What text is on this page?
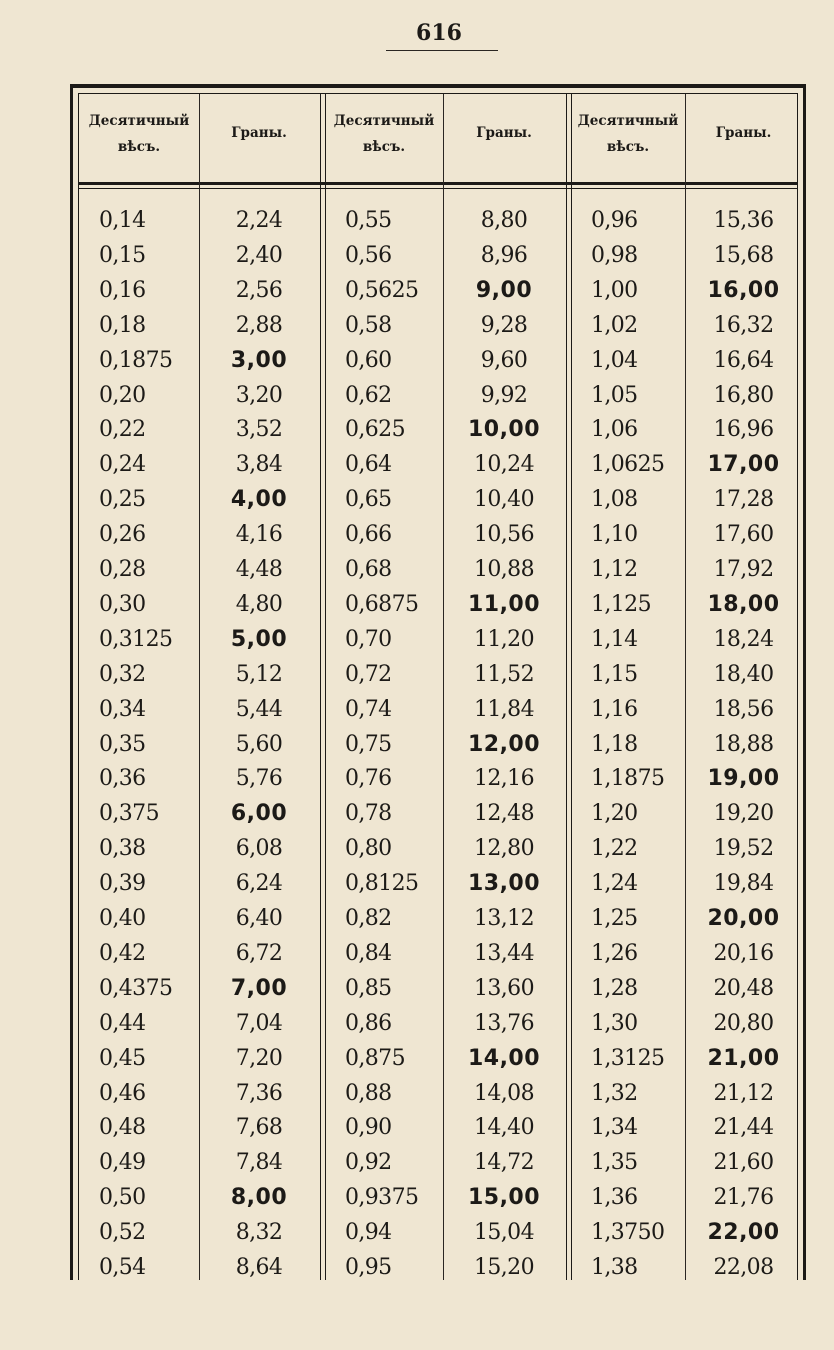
616
Десятичный
вѣсъ.
Граны.
0,14	2,24
0,15	2,40
0,16	2,56
0,18	2,88
0,1875	3,00
0,20	3,20
0,22	3,52
0,24	3,84
0,25	4,00
0,26	4,16
0,28	4,48
0,30	4,80
0,3125	5,00
0,32	5,12
0,34	5,44
0,35	5,60
0,36	5,76
0,375	6,00
0,38	6,08
0,39	6,24
0,40	6,40
0,42	6,72
0,4375	7,00
0,44	7,04
0,45	7,20
0,46	7,36
0,48	7,68
0,49	7,84
0,50	8,00
0,52	8,32
0,54	8,64
Десятичный
вѣсъ.
Граны.
0,55	8,80
0,56	8,96
0,5625	9,00
0,58	9,28
0,60	9,60
0,62	9,92
0,625	10,00
0,64	10,24
0,65	10,40
0,66	10,56
0,68	10,88
0,6875	11,00
0,70	11,20
0,72	11,52
0,74	11,84
0,75	12,00
0,76	12,16
0,78	12,48
0,80	12,80
0,8125	13,00
0,82	13,12
0,84	13,44
0,85	13,60
0,86	13,76
0,875	14,00
0,88	14,08
0,90	14,40
0,92	14,72
0,9375	15,00
0,94	15,04
0,95	15,20
Десятичный
вѣсъ.
Граны.
0,96	15,36
0,98	15,68
1,00	16,00
1,02	16,32
1,04	16,64
1,05	16,80
1,06	16,96
1,0625	17,00
1,08	17,28
1,10	17,60
1,12	17,92
1,125	18,00
1,14	18,24
1,15	18,40
1,16	18,56
1,18	18,88
1,1875	19,00
1,20	19,20
1,22	19,52
1,24	19,84
1,25	20,00
1,26	20,16
1,28	20,48
1,30	20,80
1,3125	21,00
1,32	21,12
1,34	21,44
1,35	21,60
1,36	21,76
1,3750	22,00
1,38	22,08
